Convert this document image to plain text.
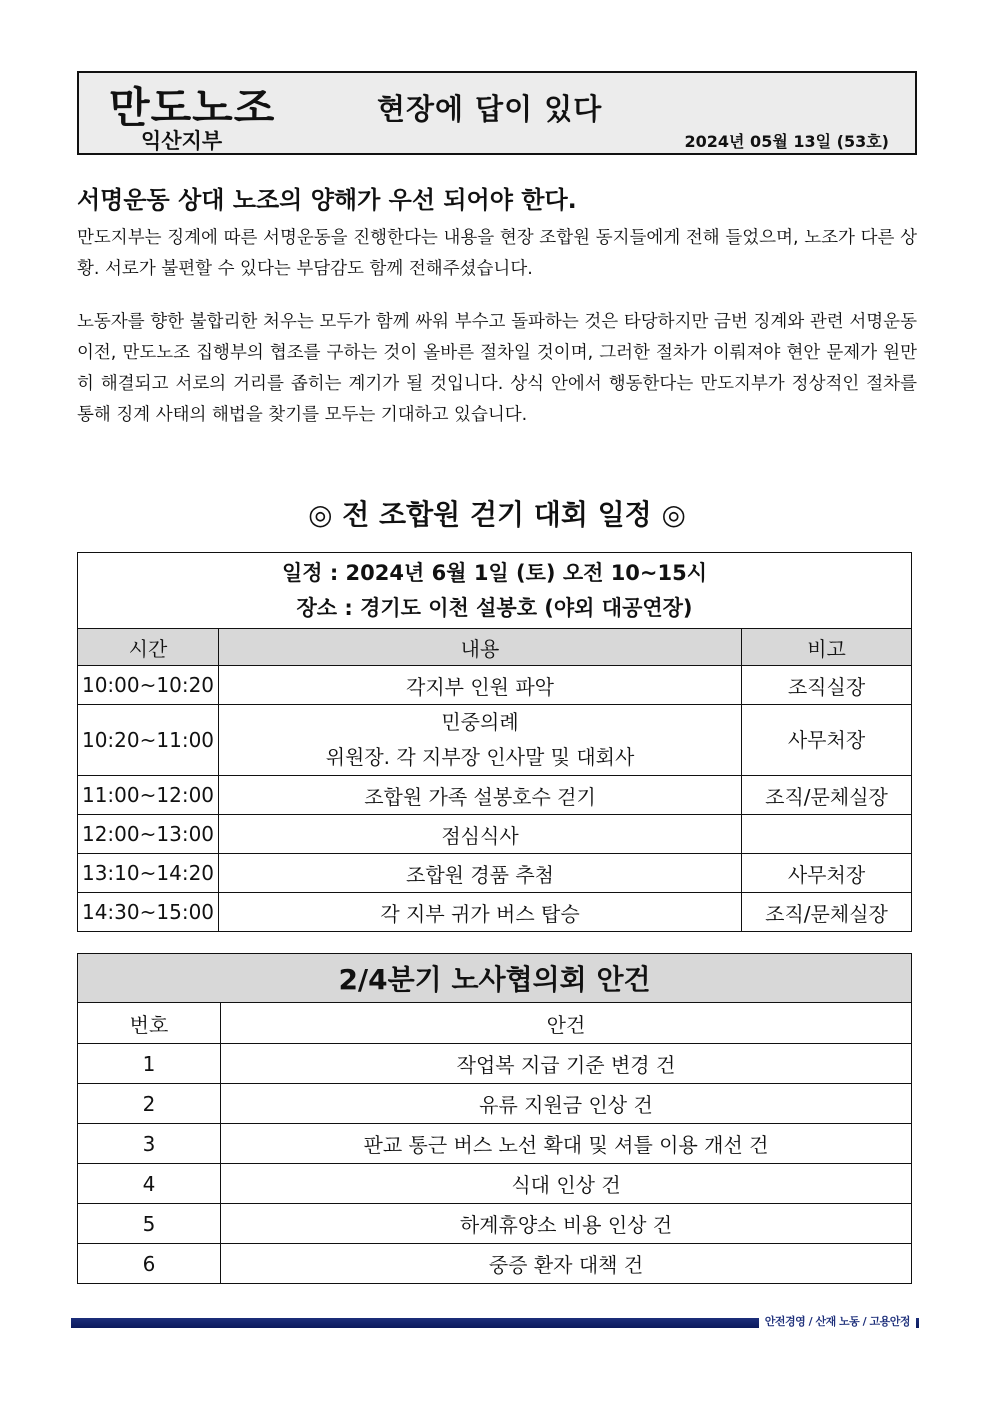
만도노조
익산지부
현장에 답이 있다
2024년 05월 13일 (53호)
서명운동 상대 노조의 양해가 우선 되어야 한다.
만도지부는 징계에 따른 서명운동을 진행한다는 내용을 현장 조합원 동지들에게 전해 들었으며, 노조가 다른 상황. 서로가 불편할 수 있다는 부담감도 함께 전해주셨습니다.
노동자를 향한 불합리한 처우는 모두가 함께 싸워 부수고 돌파하는 것은 타당하지만 금번 징계와 관련 서명운동 이전, 만도노조 집행부의 협조를 구하는 것이 올바른 절차일 것이며, 그러한 절차가 이뤄져야 현안 문제가 원만히 해결되고 서로의 거리를 좁히는 계기가 될 것입니다. 상식 안에서 행동한다는 만도지부가 정상적인 절차를 통해 징계 사태의 해법을 찾기를 모두는 기대하고 있습니다.
◎ 전 조합원 걷기 대회 일정 ◎
일정 : 2024년 6월 1일 (토) 오전 10~15시
장소 : 경기도 이천 설봉호 (야외 대공연장)		

시간	내용	비고
10:00~10:20	각지부 인원 파악	조직실장
10:20~11:00	민중의례
위원장. 각 지부장 인사말 및 대회사	사무처장
11:00~12:00	조합원 가족 설봉호수 걷기	조직/문체실장
12:00~13:00	점심식사	
13:10~14:20	조합원 경품 추첨	사무처장
14:30~15:00	각 지부 귀가 버스 탑승	조직/문체실장
2/4분기 노사협의회 안건	
번호	안건
1	작업복 지급 기준 변경 건
2	유류 지원금 인상 건
3	판교 통근 버스 노선 확대 및 셔틀 이용 개선 건
4	식대 인상 건
5	하계휴양소 비용 인상 건
6	중증 환자 대책 건
안전경영 / 산재 노동 / 고용안정
